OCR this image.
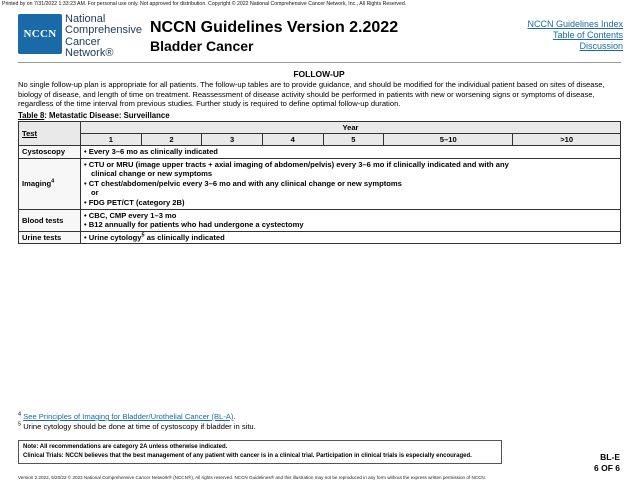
Printed by on 7/31/2022 1:33:23 AM. For personal use only. Not approved for distribution. Copyright © 2022 National Comprehensive Cancer Network, Inc., All Rights Reserved.
NCCN
National
Comprehensive
Cancer
Network®
NCCN Guidelines Version 2.2022
Bladder Cancer
NCCN Guidelines Index
Table of Contents
Discussion
FOLLOW-UP
No single follow-up plan is appropriate for all patients. The follow-up tables are to provide guidance, and should be modified for the individual patient based on sites of disease, biology of disease, and length of time on treatment. Reassessment of disease activity should be performed in patients with new or worsening signs or symptoms of disease, regardless of the time interval from previous studies. Further study is required to define optimal follow-up duration.
Table 8: Metastatic Disease: Surveillance
Test	Year						
	1	2	3	4	5	5–10	>10
Cystoscopy	• Every 3–6 mo as clinically indicated						

Imaging$^4$	• CTU or MRU (image upper tracts + axial imaging of abdomen/pelvis) every 3–6 mo if clinically indicated and with any
clinical change or new symptoms
• CT chest/abdomen/pelvic every 3–6 mo and with any clinical change or new symptoms
or
• FDG PET/CT (category 2B)						

Blood tests	• CBC, CMP every 1–3 mo
• B12 annually for patients who had undergone a cystectomy						

Urine tests	• Urine cytology$^5$ as clinically indicated						
$^4$ See Principles of Imaging for Bladder/Urothelial Cancer (BL-A).
$^5$ Urine cytology should be done at time of cystoscopy if bladder in situ.
Note: All recommendations are category 2A unless otherwise indicated.
Clinical Trials: NCCN believes that the best management of any patient with cancer is in a clinical trial. Participation in clinical trials is especially encouraged.	BL-E
6 OF 6
Version 2.2022, 5/20/22 © 2022 National Comprehensive Cancer Network® (NCCN®), All rights reserved. NCCN Guidelines® and this illustration may not be reproduced in any form without the express written permission of NCCN.
